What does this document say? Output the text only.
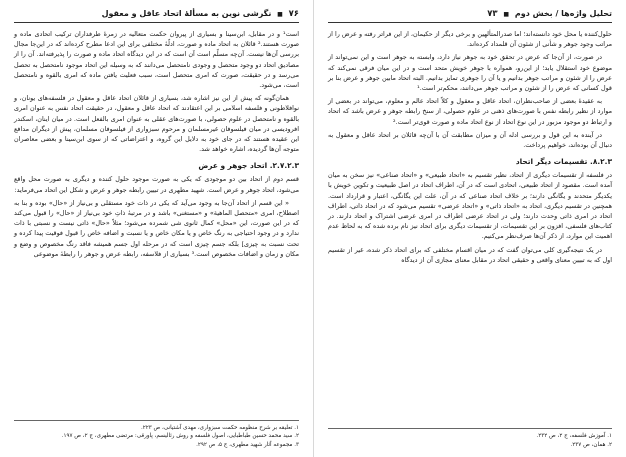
۷۶ ■ نگرشی نوین به مسألهٔ اتحاد عاقل و معقول

است¹ و در مقابل، ابن‌سینا و بسیاری از پیروان حکمت متعالیه در زمرهٔ طرفداران ترکیب اتحادی ماده و صورت هستند.² قائلان به اتحاد ماده و صورت، ادلّهٔ مختلفی برای این ادعا مطرح کرده‌اند که در این‌جا مجال بررسی آن‌ها نیست. آن‌چه مسلّم است آن است که در این دیدگاه اتحاد ماده و صورت را پذیرفته‌اند. آن را از مصادیق اتحاد دو وجود متحصل و وجودی نامتحصل می‌دانند که به وسیله این اتحاد موجود نامتحصل به تحصل می‌رسد و در حقیقت، صورت که امری متحصل است، سبب فعلیت یافتن ماده که امری بالقوه و نامتحصل است، می‌شود.

همان‌گونه که پیش از این نیز اشاره شد، بسیاری از قائلان اتحاد عاقل و معقول در فلسفه‌های یونان، و نوافلاطونی و فلسفه اسلامی بر این اعتقادند که اتحاد عاقل و معقول، در حقیقت اتحاد نفس به عنوان امری بالقوه و نامتحصل در علوم حصولی، با صورت‌های عقلی به عنوان امری بالفعل است. در میان اینان، اسکندر افرودیسی در میان فیلسوفان غیرمسلمان و مرحوم سبزواری از فیلسوفان مسلمان، پیش از دیگران مدافع این عقیده هستند که در جای خود به دلایل این گروه، و اعتراضاتی که از سوی ابن‌سینا و بعضی معاصران متوجه آن‌ها گردیده، اشاره خواهد شد.

۲.۷.۲.۳. اتحاد جوهر و عرض

قسم دوم از اتحاد بین دو موجودی که یکی به صورت موجود حلول کننده و دیگری به صورت محل واقع می‌شود، اتحاد جوهر و عرض است. شهید مطهری در تبیین رابطه جوهر و عرض و شکل این اتحاد می‌فرماید:

« این قسم از اتحاد آن‌جا به وجود می‌آید که یکی در ذات خود مستقلی و بی‌نیاز از «حال» بوده و بنا به اصطلاح، امری «متحصل الماهیة» و «مستغنی» باشد و در مرتبهٔ ذاتِ خود بی‌نیاز از «حال» را قبول می‌کند که در این صورت، این «محل» کمال ثانوی شی شمرده می‌شود؛ مثلاً «حال» ذاتی نیست و نسبتی با ذات ندارد و در وجود احتیاجی به رنگ خاص و یا مکان خاص و یا نسبت و اضافه خاص را قبول فوقیت پیدا کرده و تحت نسبت به چیزی] بلکه جسم چیزی است که در مرحله اول جسم همیشه فاقد رنگ مخصوص و وضع و مکان و زمان و اضافات مخصوص است.³ بسیاری از فلاسفه، رابطه عرض و جوهر را رابطهٔ موضوعی

۱. تعلیقه بر شرح منظومه حکمت سبزواری، مهدی آشتیانی، ص ۲۲۳.
۲. سید محمد حسین طباطبایی، اصول فلسفه و روش رئالیسم، پاورقی: مرتضی مطهری، ج ۲، ص ۱۹۷.
۳. مجموعه آثار شهید مطهری، ج ۵، ص ۲۹۲.
تحلیل واژه‌ها / بخش دوم ■ ۷۳

حلول‌کننده یا محل خود دانسته‌اند؛ اما صدرالمتألهین و برخی دیگر از حکیمان، از این فراتر رفته و عرض را از مراتب وجود جوهر و شأنی از شئون آن قلمداد کرده‌اند.

در صورت، از آن‌جا که عرض در تحقق خود به جوهر نیاز دارد، وابسته به جوهر است و این نمی‌تواند از موضوع خود استقلال یابد؛ از این‌رو، همواره با جوهر خویش متحد است و در این میان فرقی نمی‌کند که عرض را از شئون و مراتب جوهر بدانیم و یا آن را جوهری تمایز بدانیم. البته اتحاد مابین جوهر و عرض بنا بر قول کسانی که عرض را از شئون و مراتب جوهر می‌دانند، محکم‌تر است.¹

به عقیدهٔ بعضی از صاحب‌نظران، اتحاد عاقل و معقول و کلاً اتحاد عالم و معلوم، می‌تواند در بعضی از موارد از نظیر رابطه نفس با صورت‌های ذهنی در علوم حصولی، از سنخ رابطه جوهر و عرض باشد که اتحاد و ارتباط دو موجود مزبور در این نوع اتحاد از نوع اتحاد ماده و صورت قوی‌تر است.²

در آینده به این قول و بررسی ادله آن و میزان مطابقت آن با آن‌چه قائلان بر اتحاد عاقل و معقول به دنبال آن بوده‌اند، خواهیم پرداخت.

۸.۲.۳. تقسیمات دیگر اتحاد

در فلسفه از تقسیمات دیگری از اتحاد، نظیر تقسیم به «اتحاد طبیعی» و «اتحاد صناعی» نیز سخن به میان آمده است. مقصود از اتحاد طبیعی، اتحادی است که در آن، اطراف اتحاد در اصل طبیعیت و تکوین خویش با یکدیگر متحدند و یگانگی دارند؛ بر خلاف اتحاد صناعی که در آن، علت این یگانگی، اعتبار و قرارداد است. همچنین در تقسیم دیگری، اتحاد به «اتحاد ذاتی» و «اتحاد عرضی» تقسیم می‌شود که در اتحاد ذاتی، اطراف اتحاد در امری ذاتی وحدت دارند؛ ولی در اتحاد عرضی اطراف در امری عرضی اشتراک و اتحاد دارند. در کتاب‌های فلسفی، افزون بر این تقسیمات، از تقسیمات دیگری برای اتحاد نیز نام برده شده که به لحاظ عدم اهمیت این موارد، از ذکر آن‌ها صرف‌نظر می‌کنیم.

در یک نتیجه‌گیری کلی می‌توان گفت که در میان اقسام مختلفی که برای اتحاد ذکر شده، غیر از تقسیم اول که به تبیین معنای واقعی و حقیقی اتحاد در مقابل معنای مجازی آن از دیدگاه

۱. آموزش فلسفه، ج ۲، ص ۲۳۲.
۲. همان، ص ۲۳۷.
